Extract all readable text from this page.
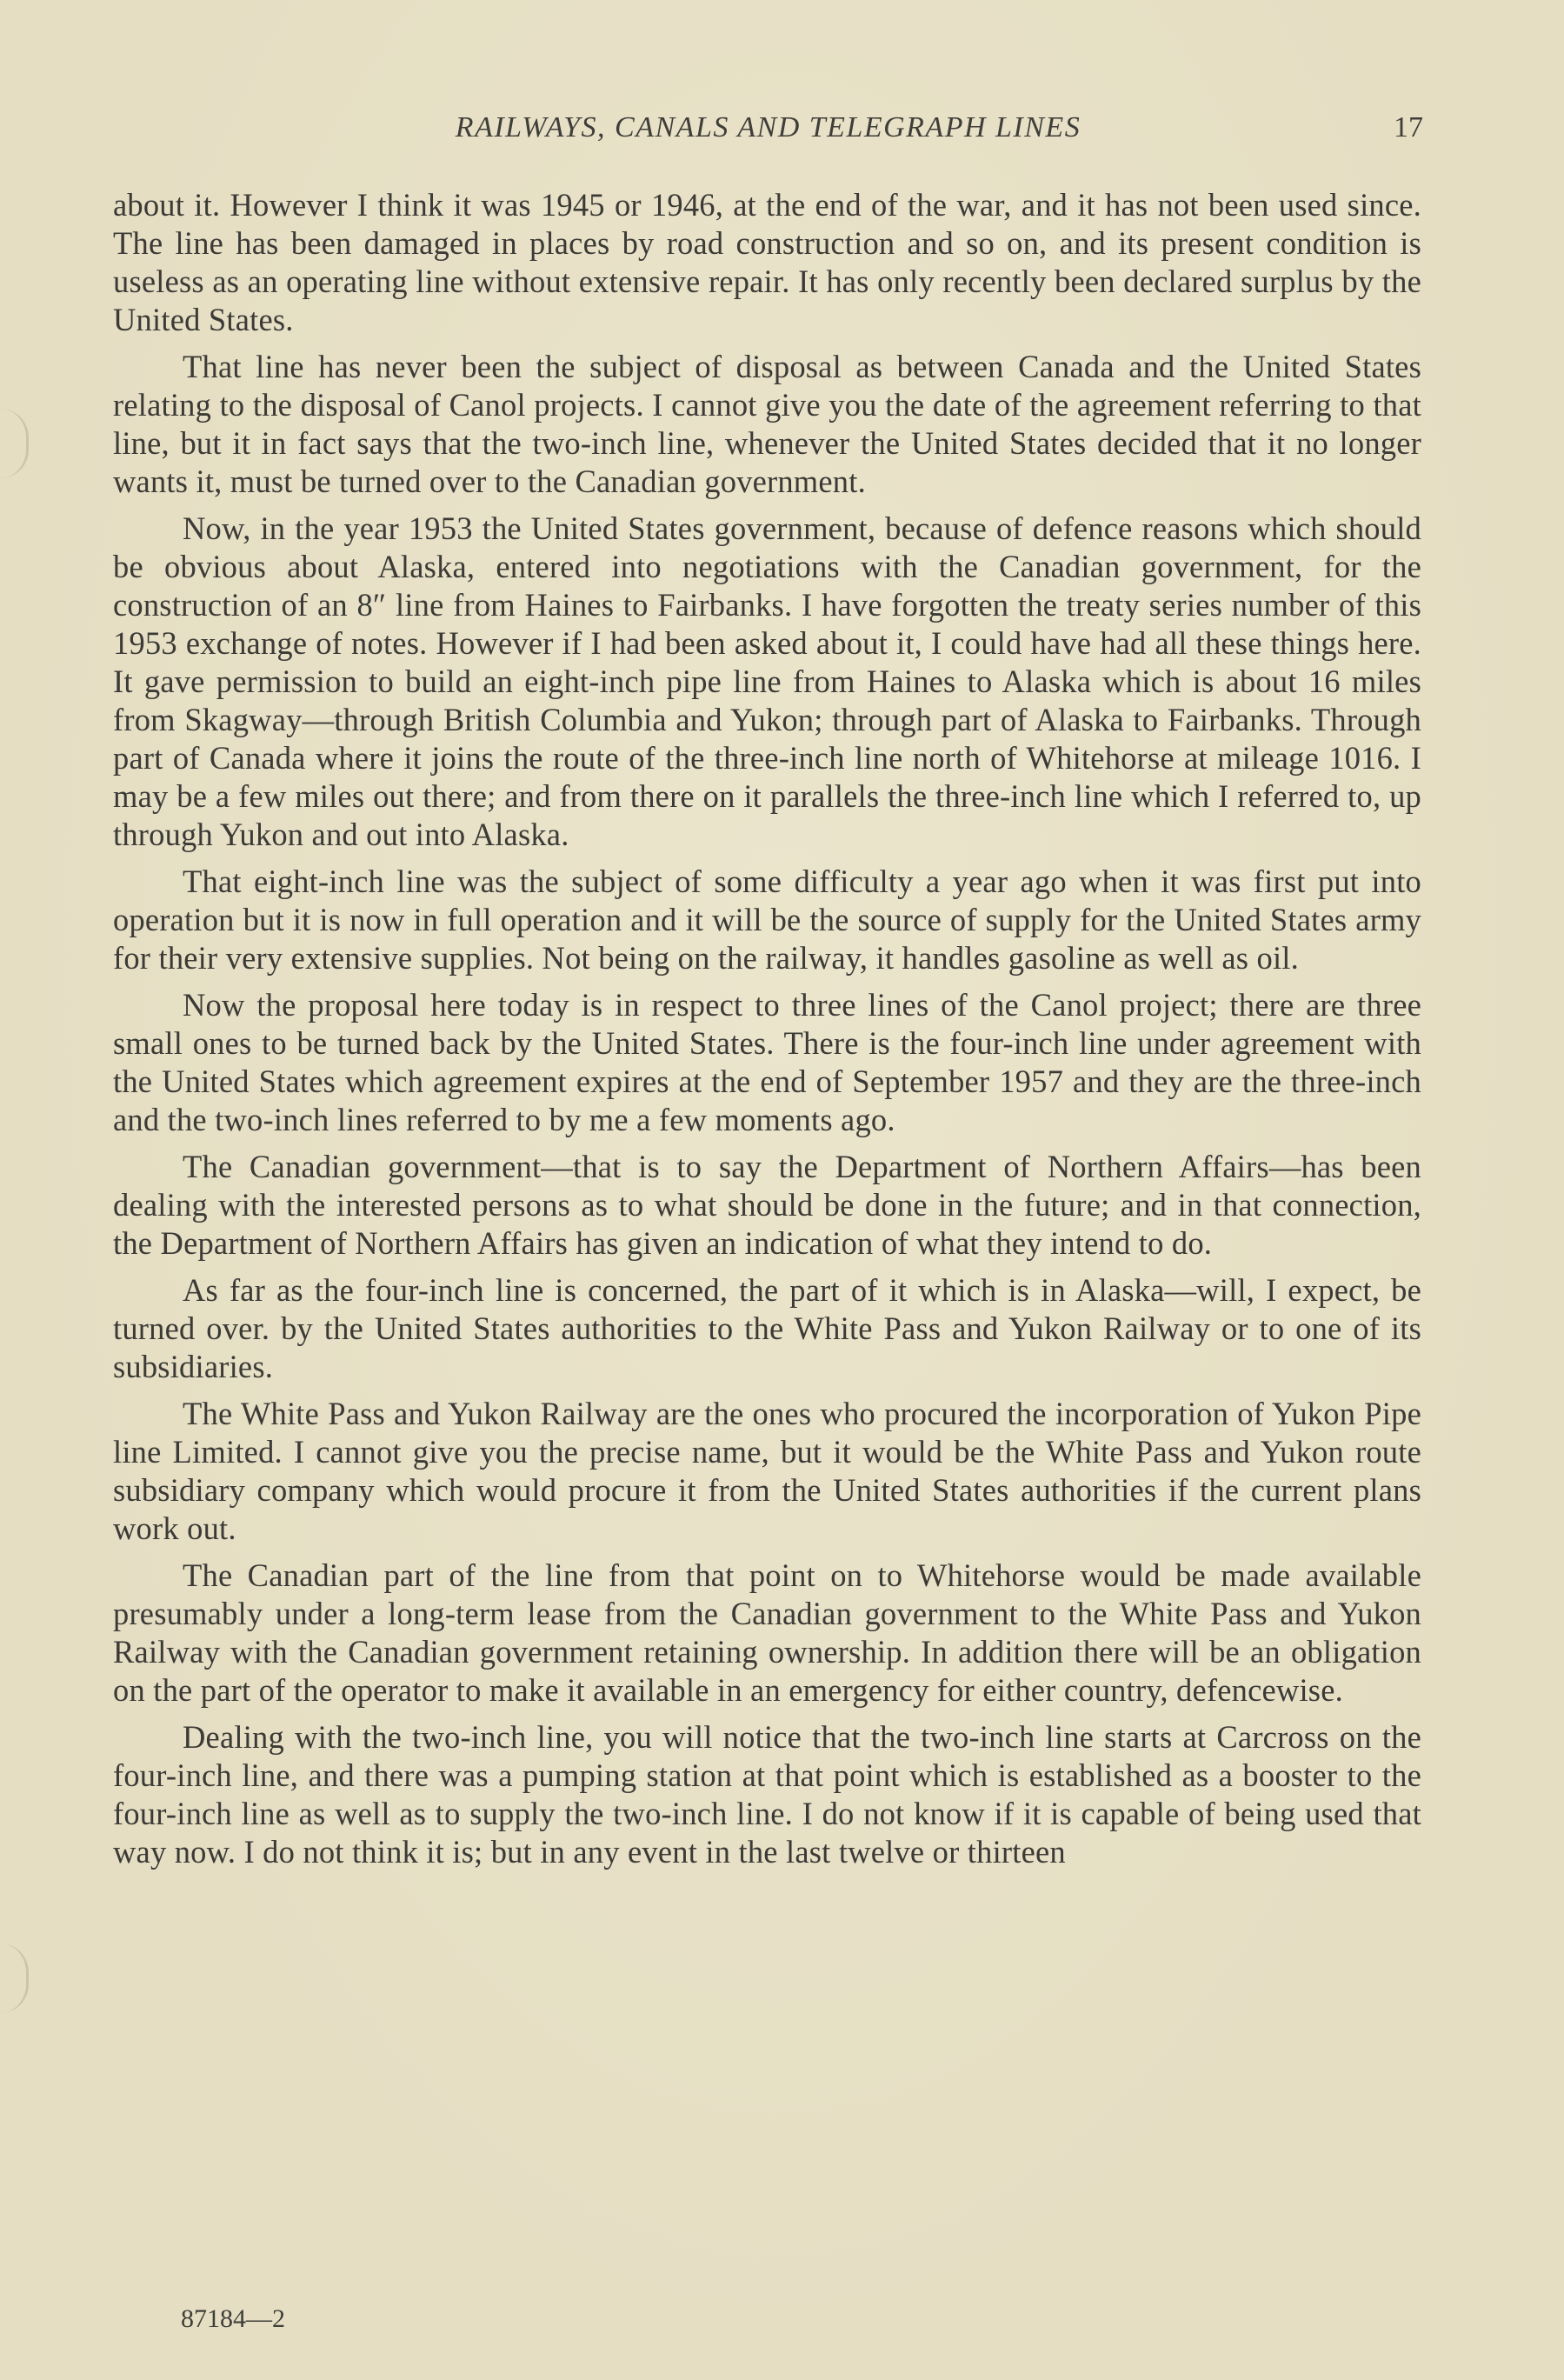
RAILWAYS, CANALS AND TELEGRAPH LINES	17

about it. However I think it was 1945 or 1946, at the end of the war, and it has not been used since. The line has been damaged in places by road construction and so on, and its present condition is useless as an operating line without extensive repair. It has only recently been declared surplus by the United States.

That line has never been the subject of disposal as between Canada and the United States relating to the disposal of Canol projects. I cannot give you the date of the agreement referring to that line, but it in fact says that the two-inch line, whenever the United States decided that it no longer wants it, must be turned over to the Canadian government.

Now, in the year 1953 the United States government, because of defence reasons which should be obvious about Alaska, entered into negotiations with the Canadian government, for the construction of an 8″ line from Haines to Fairbanks. I have forgotten the treaty series number of this 1953 exchange of notes. However if I had been asked about it, I could have had all these things here. It gave permission to build an eight-inch pipe line from Haines to Alaska which is about 16 miles from Skagway—through British Columbia and Yukon; through part of Alaska to Fairbanks. Through part of Canada where it joins the route of the three-inch line north of Whitehorse at mileage 1016. I may be a few miles out there; and from there on it parallels the three-inch line which I referred to, up through Yukon and out into Alaska.

That eight-inch line was the subject of some difficulty a year ago when it was first put into operation but it is now in full operation and it will be the source of supply for the United States army for their very extensive supplies. Not being on the railway, it handles gasoline as well as oil.

Now the proposal here today is in respect to three lines of the Canol project; there are three small ones to be turned back by the United States. There is the four-inch line under agreement with the United States which agreement expires at the end of September 1957 and they are the three-inch and the two-inch lines referred to by me a few moments ago.

The Canadian government—that is to say the Department of Northern Affairs—has been dealing with the interested persons as to what should be done in the future; and in that connection, the Department of Northern Affairs has given an indication of what they intend to do.

As far as the four-inch line is concerned, the part of it which is in Alaska—will, I expect, be turned over. by the United States authorities to the White Pass and Yukon Railway or to one of its subsidiaries.

The White Pass and Yukon Railway are the ones who procured the incorporation of Yukon Pipe line Limited. I cannot give you the precise name, but it would be the White Pass and Yukon route subsidiary company which would procure it from the United States authorities if the current plans work out.

The Canadian part of the line from that point on to Whitehorse would be made available presumably under a long-term lease from the Canadian government to the White Pass and Yukon Railway with the Canadian government retaining ownership. In addition there will be an obligation on the part of the operator to make it available in an emergency for either country, defencewise.

Dealing with the two-inch line, you will notice that the two-inch line starts at Carcross on the four-inch line, and there was a pumping station at that point which is established as a booster to the four-inch line as well as to supply the two-inch line. I do not know if it is capable of being used that way now. I do not think it is; but in any event in the last twelve or thirteen

87184—2
